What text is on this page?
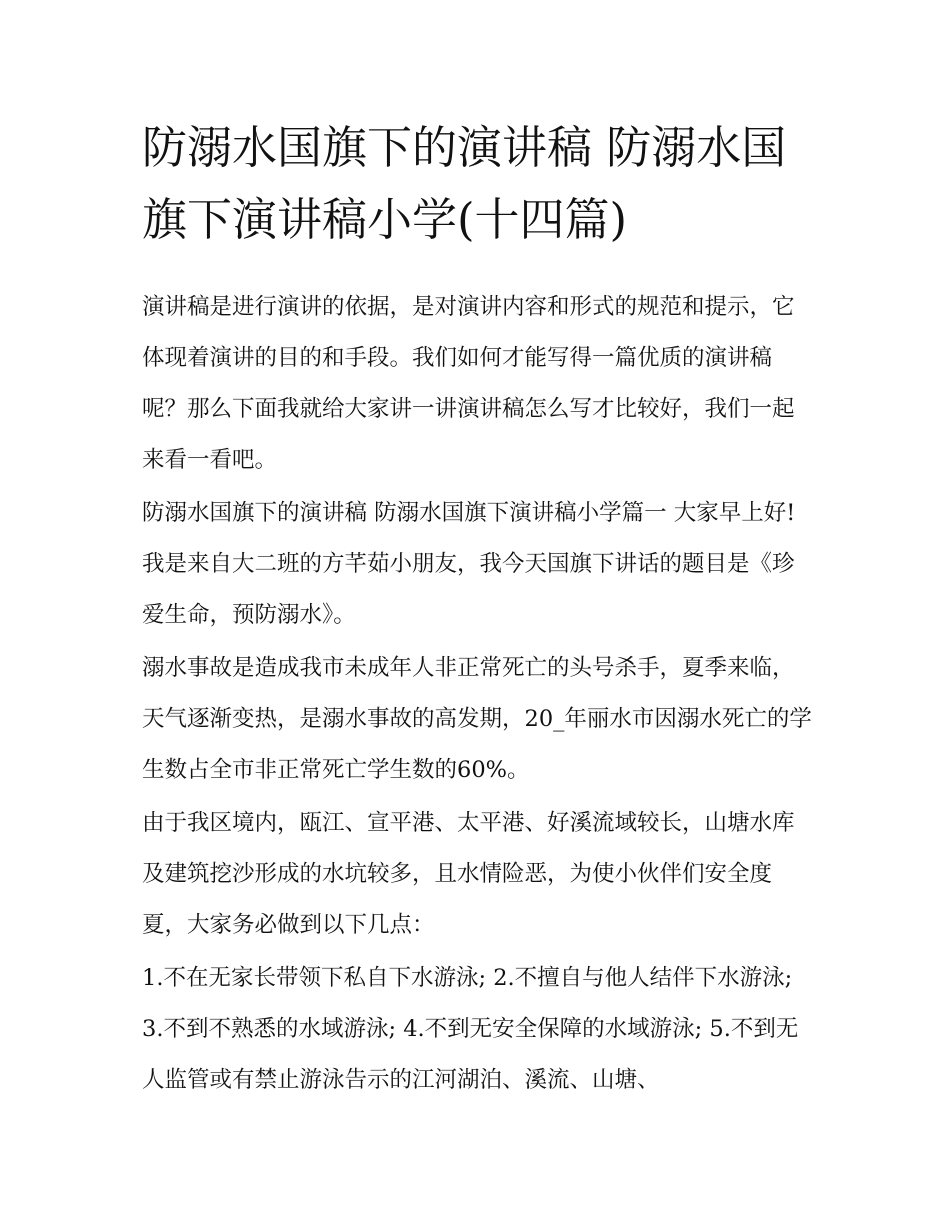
防溺水国旗下的演讲稿 防溺水国旗下演讲稿小学(十四篇)

演讲稿是进行演讲的依据，是对演讲内容和形式的规范和提示，它体现着演讲的目的和手段。我们如何才能写得一篇优质的演讲稿呢？那么下面我就给大家讲一讲演讲稿怎么写才比较好，我们一起来看一看吧。

防溺水国旗下的演讲稿 防溺水国旗下演讲稿小学篇一 大家早上好! 我是来自大二班的方芊茹小朋友，我今天国旗下讲话的题目是《珍爱生命，预防溺水》。

溺水事故是造成我市未成年人非正常死亡的头号杀手，夏季来临，天气逐渐变热，是溺水事故的高发期，20_年丽水市因溺水死亡的学生数占全市非正常死亡学生数的60%。

由于我区境内，瓯江、宣平港、太平港、好溪流域较长，山塘水库及建筑挖沙形成的水坑较多，且水情险恶，为使小伙伴们安全度夏，大家务必做到以下几点：

1.不在无家长带领下私自下水游泳; 2.不擅自与他人结伴下水游泳; 3.不到不熟悉的水域游泳; 4.不到无安全保障的水域游泳; 5.不到无人监管或有禁止游泳告示的江河湖泊、溪流、山塘、
